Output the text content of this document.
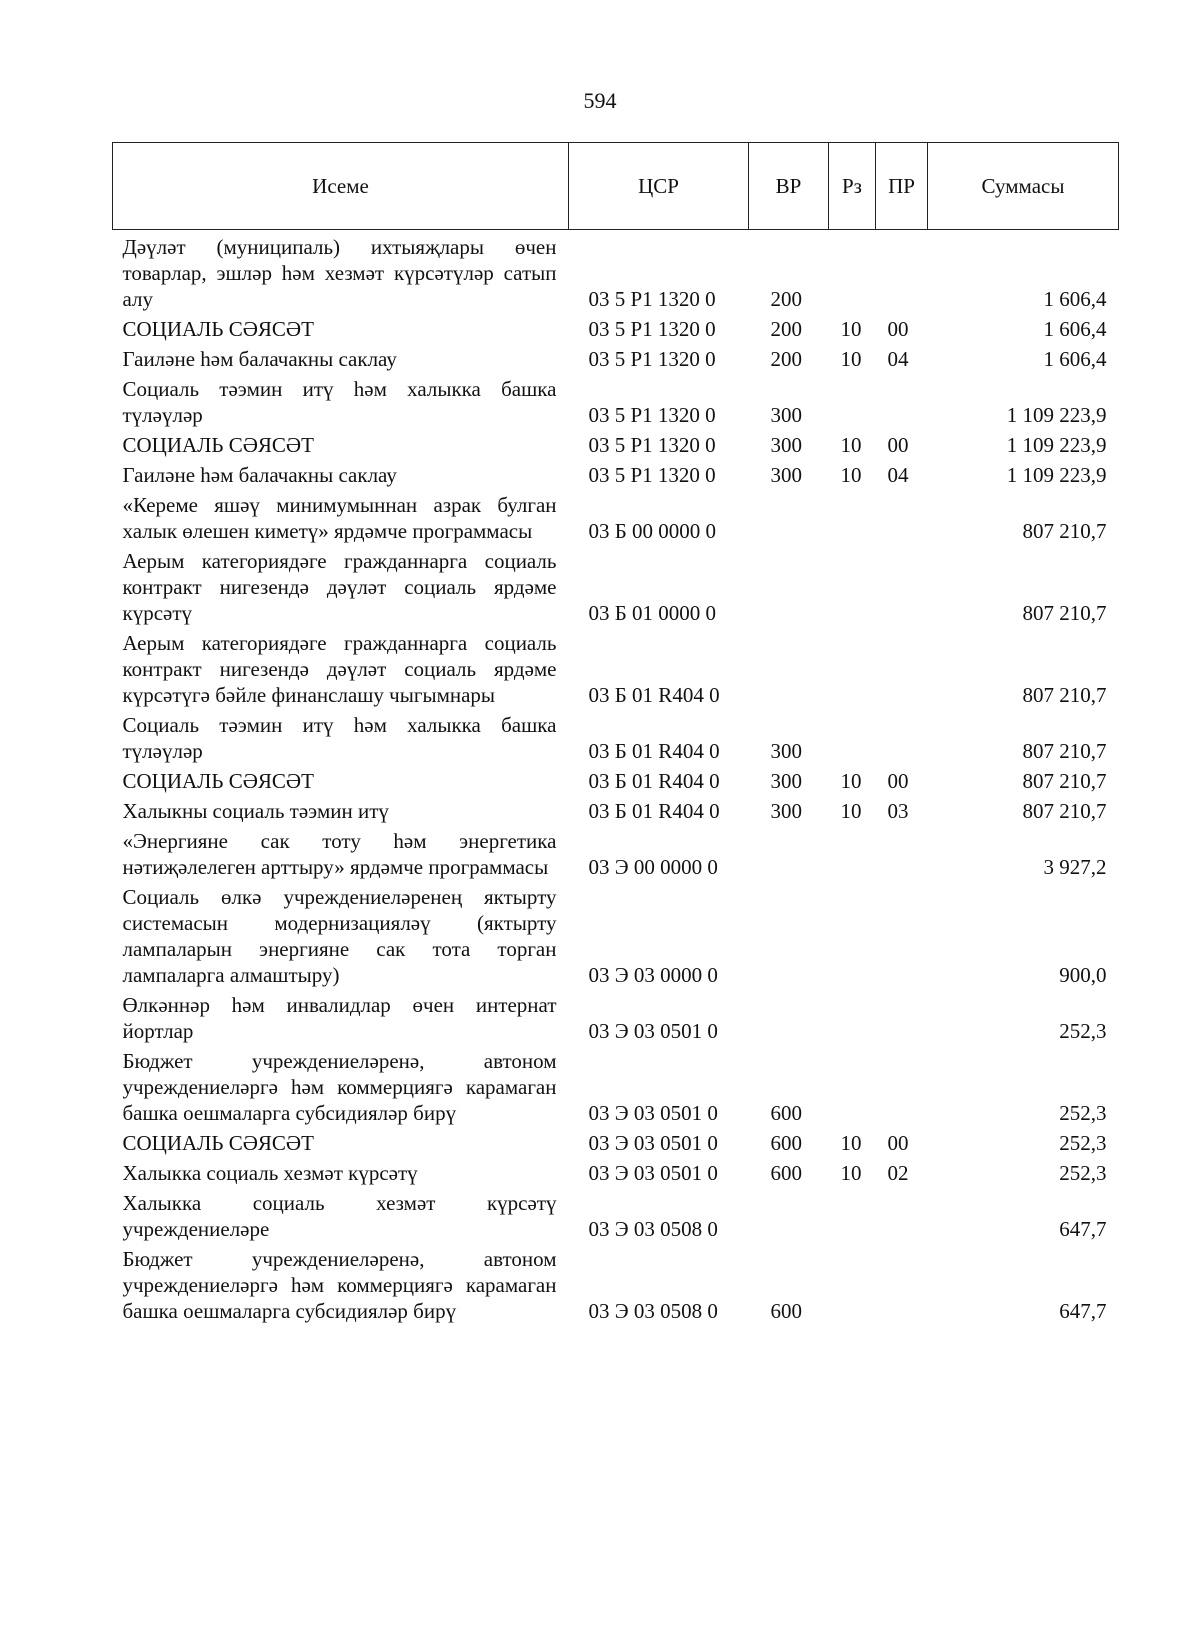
594
Исеме	ЦСР	ВР	Рз	ПР	Суммасы
Дәүләт (муниципаль) ихтыяҗлары өчен товарлар, эшләр һәм хезмәт күрсәтүләр сатып алу	03 5 Р1 1320 0	200			1 606,4
СОЦИАЛЬ СӘЯСӘТ	03 5 Р1 1320 0	200	10	00	1 606,4
Гаиләне һәм балачакны саклау	03 5 Р1 1320 0	200	10	04	1 606,4
Социаль тәэмин итү һәм халыкка башка түләүләр	03 5 Р1 1320 0	300			1 109 223,9
СОЦИАЛЬ СӘЯСӘТ	03 5 Р1 1320 0	300	10	00	1 109 223,9
Гаиләне һәм балачакны саклау	03 5 Р1 1320 0	300	10	04	1 109 223,9
«Кереме яшәү минимумыннан азрак булган халык өлешен киметү» ярдәмче программасы	03 Б 00 0000 0				807 210,7
Аерым категориядәге гражданнарга социаль контракт нигезендә дәүләт социаль ярдәме күрсәтү	03 Б 01 0000 0				807 210,7
Аерым категориядәге гражданнарга социаль контракт нигезендә дәүләт социаль ярдәме күрсәтүгә бәйле финанслашу чыгымнары	03 Б 01 R404 0				807 210,7
Социаль тәэмин итү һәм халыкка башка түләүләр	03 Б 01 R404 0	300			807 210,7
СОЦИАЛЬ СӘЯСӘТ	03 Б 01 R404 0	300	10	00	807 210,7
Халыкны социаль тәэмин итү	03 Б 01 R404 0	300	10	03	807 210,7
«Энергияне сак тоту һәм энергетика нәтиҗәлелеген арттыру» ярдәмче программасы	03 Э 00 0000 0				3 927,2
Социаль өлкә учреждениеләренең яктырту системасын модернизацияләү (яктырту лампаларын энергияне сак тота торган лампаларга алмаштыру)	03 Э 03 0000 0				900,0
Өлкәннәр һәм инвалидлар өчен интернат йортлар	03 Э 03 0501 0				252,3
Бюджет учреждениеләренә, автоном учреждениеләргә һәм коммерциягә карамаган башка оешмаларга субсидияләр бирү	03 Э 03 0501 0	600			252,3
СОЦИАЛЬ СӘЯСӘТ	03 Э 03 0501 0	600	10	00	252,3
Халыкка социаль хезмәт күрсәтү	03 Э 03 0501 0	600	10	02	252,3
Халыкка социаль хезмәт күрсәтү учреждениеләре	03 Э 03 0508 0				647,7
Бюджет учреждениеләренә, автоном учреждениеләргә һәм коммерциягә карамаган башка оешмаларга субсидияләр бирү	03 Э 03 0508 0	600			647,7
